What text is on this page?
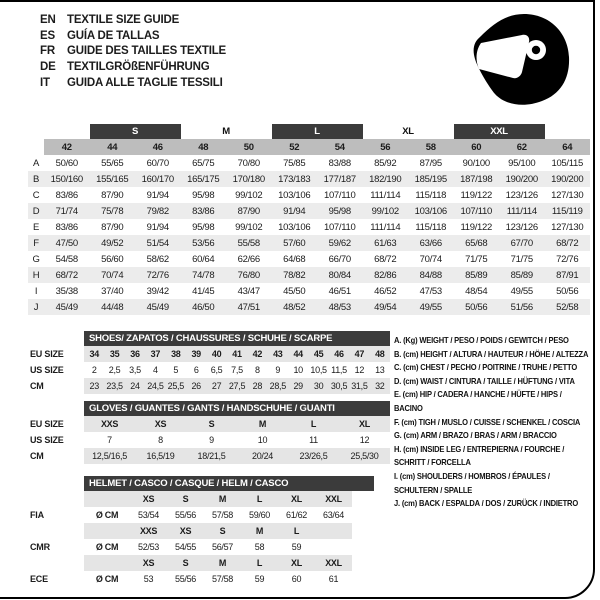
EN TEXTILE SIZE GUIDE
ES	GUÍA DE TALLAS
FR	GUIDE DES TAILLES TEXTILE
DE TEXTILGRÖßENFÜHRUNG
IT	GUIDA ALLE TAGLIE TESSILI
		S		M		L		XL		XXL		
	42	44	46	48	50	52	54	56	58	60	62	64
A	50/60	55/65	60/70	65/75	70/80	75/85	83/88	85/92	87/95	90/100	95/100	105/115
B	150/160	155/165	160/170	165/175	170/180	173/183	177/187	182/190	185/195	187/198	190/200	190/200
C	83/86	87/90	91/94	95/98	99/102	103/106	107/110	111/114	115/118	119/122	123/126	127/130
D	71/74	75/78	79/82	83/86	87/90	91/94	95/98	99/102	103/106	107/110	111/114	115/119
E	83/86	87/90	91/94	95/98	99/102	103/106	107/110	111/114	115/118	119/122	123/126	127/130
F	47/50	49/52	51/54	53/56	55/58	57/60	59/62	61/63	63/66	65/68	67/70	68/72
G	54/58	56/60	58/62	60/64	62/66	64/68	66/70	68/72	70/74	71/75	71/75	72/76
H	68/72	70/74	72/76	74/78	76/80	78/82	80/84	82/86	84/88	85/89	85/89	87/91
I	35/38	37/40	39/42	41/45	43/47	45/50	46/51	46/52	47/53	48/54	49/55	50/56
J	45/49	44/48	45/49	46/50	47/51	48/52	48/53	49/54	49/55	50/56	51/56	52/58
SHOES/ ZAPATOS / CHAUSSURES / SCHUHE / SCARPE
EU SIZE	34	35	36	37	38	39	40	41	42	43	44	45	46	47	48
US SIZE	2	2,5 3,5	4	5	6	6,5 7,5	8	9	10 10,5 11,5 12	13
CM	23 23,5 24 24,5 25,5 26	27 27,5 28 28,5 29	30 30,5 31,5 32
GLOVES / GUANTES / GANTS / HANDSCHUHE / GUANTI
EU SIZE	XXS	XS	S	M	L	XL
US SIZE	7	8	9	10	11	12
CM	12,5/16,5	16,5/19	18/21,5	20/24	23/26,5	25,5/30
HELMET / CASCO / CASQUE / HELM / CASCO
XS	S	M	L	XL	XXL
FIA	Ø CM	53/54	55/56	57/58	59/60	61/62	63/64
XXS	XS	S	M	L
CMR	Ø CM	52/53	54/55	56/57	58	59
XS	S	M	L	XL	XXL
ECE	Ø CM	53	55/56	57/58	59	60	61
A. (Kg) WEIGHT / PESO / POIDS / GEWITCH / PESO
B. (cm) HEIGHT / ALTURA / HAUTEUR / HÖHE / ALTEZZA
C. (cm) CHEST / PECHO / POITRINE / TRUHE / PETTO
D. (cm) WAIST / CINTURA / TAILLE / HÜFTUNG / VITA
E. (cm) HIP / CADERA / HANCHE / HÜFTE / HIPS / BACINO
F. (cm) TIGH / MUSLO / CUISSE / SCHENKEL / COSCIA
G. (cm) ARM / BRAZO / BRAS / ARM / BRACCIO
H. (cm) INSIDE LEG / ENTREPIERNA / FOURCHE / SCHRITT / FORCELLA
I. (cm) SHOULDERS / HOMBROS / ÉPAULES / SCHULTERN / SPALLE
J. (cm) BACK / ESPALDA / DOS / ZURÜCK / INDIETRO
